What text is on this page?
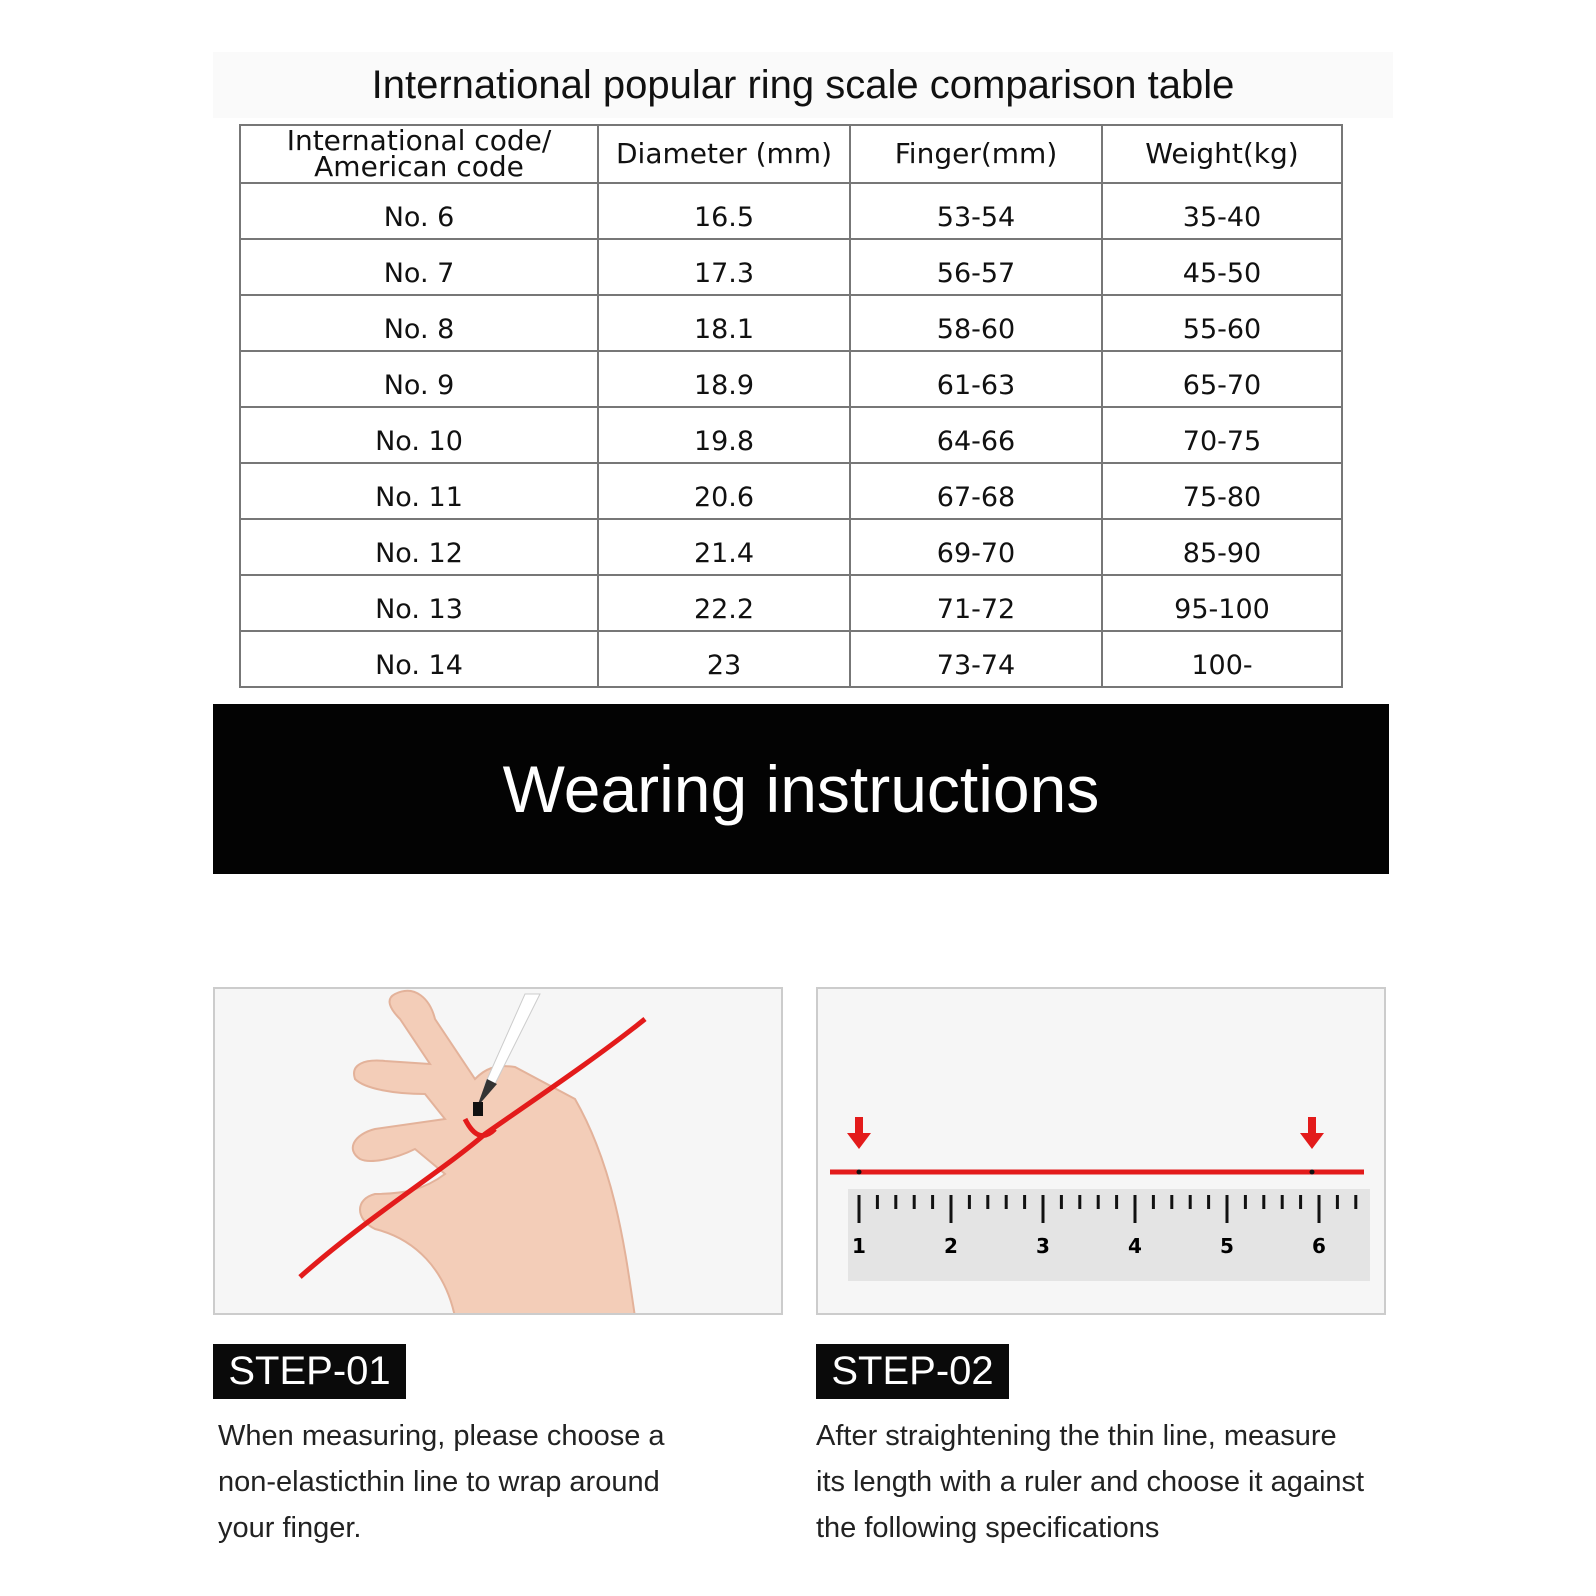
International popular ring scale comparison table
International code/
American code	Diameter (mm)	Finger(mm)	Weight(kg)
No. 6	16.5	53-54	35-40
No. 7	17.3	56-57	45-50
No. 8	18.1	58-60	55-60
No. 9	18.9	61-63	65-70
No. 10	19.8	64-66	70-75
No. 11	20.6	67-68	75-80
No. 12	21.4	69-70	85-90
No. 13	22.2	71-72	95-100
No. 14	23	73-74	100-
Wearing instructions
1	2	3	4	5	6
STEP-01
When measuring, please choose a
non-elasticthin line to wrap around
your finger.
STEP-02
After straightening the thin line, measure
its length with a ruler and choose it against
the following specifications
